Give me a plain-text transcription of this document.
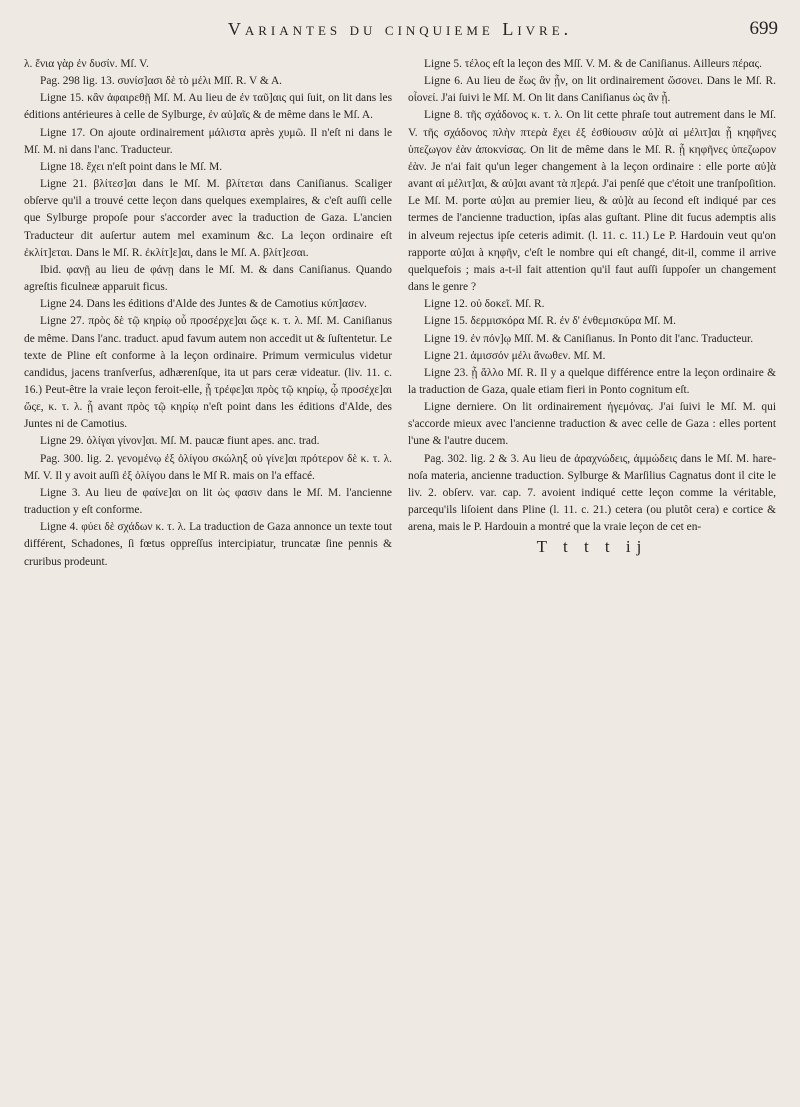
Variantes du cinquieme Livre.	699

λ. ἔνια γὰρ ἐν δυσίν. Mſ. V.

Pag. 298 lig. 13. συνίσ]ασι δὲ τὸ μέλι Mſſ. R. V & A.

Ligne 15. κἂν ἀφαιρεθῇ Mſ. M. Au lieu de ἐν ταῦ]αις qui ſuit, on lit dans les éditions antérieures à celle de Sylburge, ἐν αὐ]αῖς & de même dans le Mſ. A.

Ligne 17. On ajoute ordinairement μάλιστα après χυμῶ. Il n'eſt ni dans le Mſ. M. ni dans l'anc. Traducteur.

Ligne 18. ἔχει n'eſt point dans le Mſ. M.

Ligne 21. βλίτεσ]αι dans le Mſ. M. βλίτεται dans Caniſianus. Scaliger obſerve qu'il a trouvé cette leçon dans quelques exemplaires, & c'eſt auſſi celle que Sylburge propoſe pour s'accorder avec la traduction de Gaza. L'ancien Traducteur dit auſertur autem mel examinum &c. La leçon ordinaire eſt ἐκλίτ]εται. Dans le Mſ. R. ἐκλίτ]ε]αι, dans le Mſ. A. βλίτ]εσαι.

Ibid. φανῇ au lieu de φάνῃ dans le Mſ. M. & dans Caniſianus. Quando agreſtis ficulneæ apparuit ficus.

Ligne 24. Dans les éditions d'Alde des Juntes & de Camotius κύπ]ασεν.

Ligne 27. πρὸς δὲ τῷ κηρίῳ οὗ προσέρχε]αι ὥςε κ. τ. λ. Mſ. M. Caniſianus de même. Dans l'anc. traduct. apud favum autem non accedit ut & ſuſtentetur. Le texte de Pline eſt conforme à la leçon ordinaire. Primum vermiculus videtur candidus, jacens tranſverſus, adhærenſque, ita ut pars ceræ videatur. (liv. 11. c. 16.) Peut-être la vraie leçon feroit-elle, ᾗ τρέφε]αι πρὸς τῷ κηρίῳ, ᾧ προσέχε]αι ὥςε, κ. τ. λ. ᾗ avant πρὸς τῷ κηρίῳ n'eſt point dans les éditions d'Alde, des Juntes ni de Camotius.

Ligne 29. ὀλίγαι γίνον]αι. Mſ. M. paucæ fiunt apes. anc. trad.

Pag. 300. lig. 2. γενομένῳ ἐξ ὀλίγου σκώληξ οὐ γίνε]αι πρότερον δὲ κ. τ. λ. Mſ. V. Il y avoit auſſi ἐξ ὀλίγου dans le Mſ R. mais on l'a effacé.

Ligne 3. Au lieu de φαίνε]αι on lit ὡς φασιν dans le Mſ. M. l'ancienne traduction y eſt conforme.

Ligne 4. φύει δὲ σχάδων κ. τ. λ. La traduction de Gaza annonce un texte tout différent, Schadones, ſi fœtus oppreſſus intercipiatur, truncatæ ſine pennis & cruribus prodeunt.

Ligne 5. τέλος eſt la leçon des Mſſ. V. M. & de Caniſianus. Ailleurs πέρας.

Ligne 6. Au lieu de ἕως ἂν ᾖν, on lit ordinairement ὥσονει. Dans le Mſ. R. οἷονεί. J'ai ſuivi le Mſ. M. On lit dans Caniſianus ὡς ἂν ᾖ.

Ligne 8. τῆς σχάδονος κ. τ. λ. On lit cette phraſe tout autrement dans le Mſ. V. τῆς σχάδονος πλὴν πτερὰ ἔχει ἐξ ἐσθίουσιν αὐ]ὰ αἱ μέλιτ]αι ᾗ κηφῆνες ὑπεζωγον ἐὰν ἀποκνίσας. On lit de même dans le Mſ. R. ᾗ κηφῆνες ὑπεζωρον ἐὰν. Je n'ai fait qu'un leger changement à la leçon ordinaire : elle porte αὐ]ὰ avant αἱ μέλιτ]αι, & αὐ]αι avant τὰ π]ερά. J'ai penſé que c'étoit une tranſpoſition. Le Mſ. M. porte αὐ]αι au premier lieu, & αὐ]ὰ au ſecond eſt indiqué par ces termes de l'ancienne traduction, ipſas alas guſtant. Pline dit fucus ademptis alis in alveum rejectus ipſe ceteris adimit. (l. 11. c. 11.) Le P. Hardouin veut qu'on rapporte αὐ]αι à κηφῆν, c'eſt le nombre qui eſt changé, dit-il, comme il arrive quelquefois ; mais a-t-il fait attention qu'il faut auſſi ſuppoſer un changement dans le genre ?

Ligne 12. οὐ δοκεῖ. Mſ. R.

Ligne 15. δερμισκόρα Mſ. R. ἐν δ' ἐνθεμισκύρα Mſ. M.

Ligne 19. ἐν πόν]ῳ Mſſ. M. & Caniſianus. In Ponto dit l'anc. Traducteur.

Ligne 21. ἀμισσόν μέλι ἄνωθεν. Mſ. M.

Ligne 23. ᾗ ἄλλο Mſ. R. Il y a quelque différence entre la leçon ordinaire & la traduction de Gaza, quale etiam fieri in Ponto cognitum eſt.

Ligne derniere. On lit ordinairement ἡγεμόνας. J'ai ſuivi le Mſ. M. qui s'accorde mieux avec l'ancienne traduction & avec celle de Gaza : elles portent l'une & l'autre ducem.

Pag. 302. lig. 2 & 3. Au lieu de ἀραχνώδεις, ἀμμώδεις dans le Mſ. M. hare-noſa materia, ancienne traduction. Sylburge & Marſilius Cagnatus dont il cite le liv. 2. obſerv. var. cap. 7. avoient indiqué cette leçon comme la véritable, parcequ'ils liſoient dans Pline (l. 11. c. 21.) cetera (ou plutôt cera) e cortice & arena, mais le P. Hardouin a montré que la vraie leçon de cet en-

T t t t ij
